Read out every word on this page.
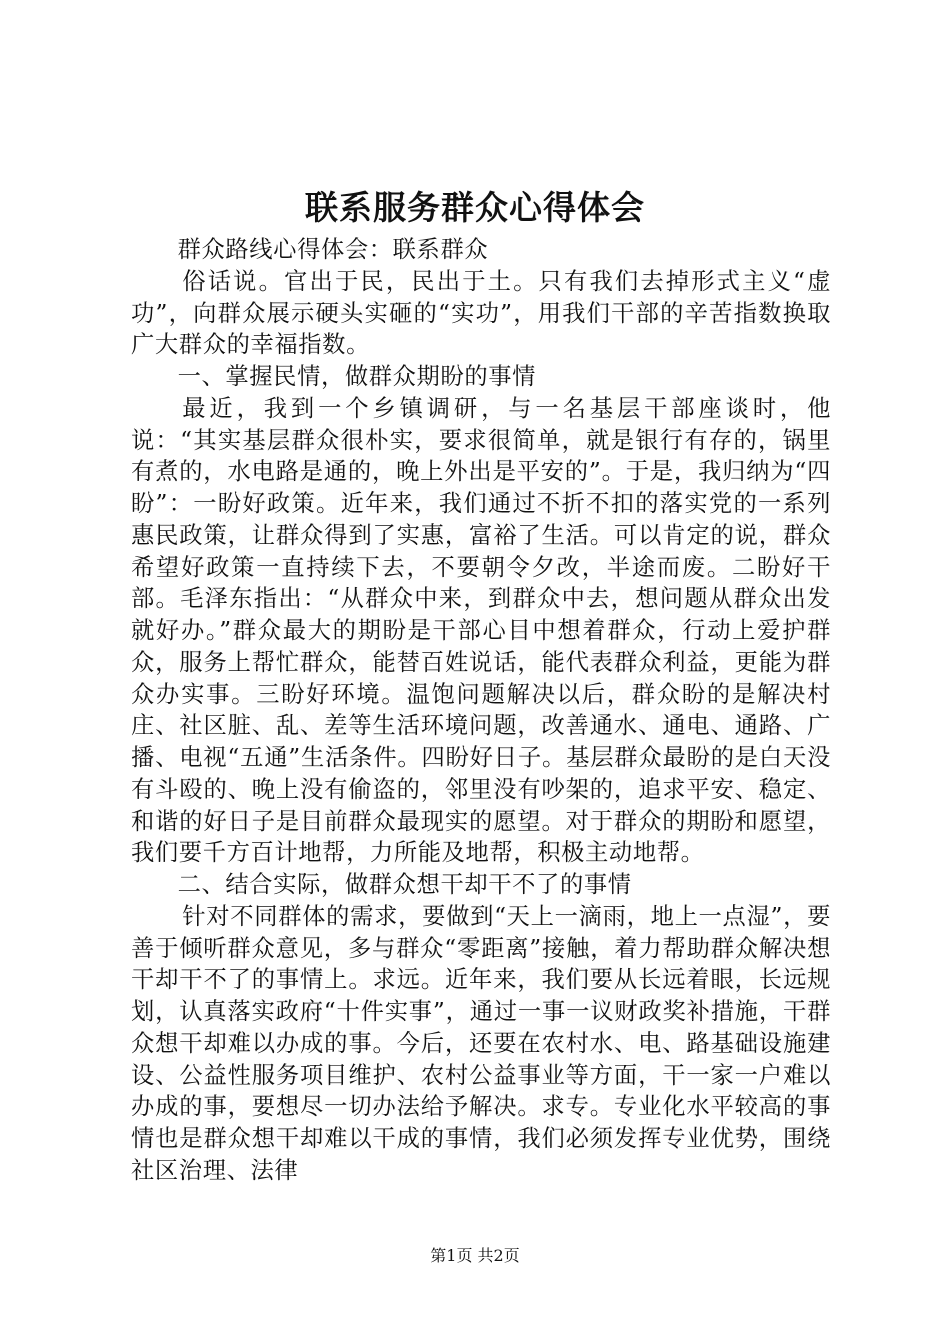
联系服务群众心得体会

群众路线心得体会：联系群众

俗话说。官出于民，民出于土。只有我们去掉形式主义“虚功”，向群众展示硬头实砸的“实功”，用我们干部的辛苦指数换取广大群众的幸福指数。

一、掌握民情，做群众期盼的事情

最近，我到一个乡镇调研，与一名基层干部座谈时，他说：“其实基层群众很朴实，要求很简单，就是银行有存的，锅里有煮的，水电路是通的，晚上外出是平安的”。于是，我归纳为“四盼”：一盼好政策。近年来，我们通过不折不扣的落实党的一系列惠民政策，让群众得到了实惠，富裕了生活。可以肯定的说，群众希望好政策一直持续下去，不要朝令夕改，半途而废。二盼好干部。毛泽东指出：“从群众中来，到群众中去，想问题从群众出发就好办。”群众最大的期盼是干部心目中想着群众，行动上爱护群众，服务上帮忙群众，能替百姓说话，能代表群众利益，更能为群众办实事。三盼好环境。温饱问题解决以后，群众盼的是解决村庄、社区脏、乱、差等生活环境问题，改善通水、通电、通路、广播、电视“五通”生活条件。四盼好日子。基层群众最盼的是白天没有斗殴的、晚上没有偷盗的，邻里没有吵架的，追求平安、稳定、和谐的好日子是目前群众最现实的愿望。对于群众的期盼和愿望，我们要千方百计地帮，力所能及地帮，积极主动地帮。

二、结合实际，做群众想干却干不了的事情

针对不同群体的需求，要做到“天上一滴雨，地上一点湿”，要善于倾听群众意见，多与群众“零距离”接触，着力帮助群众解决想干却干不了的事情上。求远。近年来，我们要从长远着眼，长远规划，认真落实政府“十件实事”，通过一事一议财政奖补措施，干群众想干却难以办成的事。今后，还要在农村水、电、路基础设施建设、公益性服务项目维护、农村公益事业等方面，干一家一户难以办成的事，要想尽一切办法给予解决。求专。专业化水平较高的事情也是群众想干却难以干成的事情，我们必须发挥专业优势，围绕社区治理、法律

第1页 共2页
